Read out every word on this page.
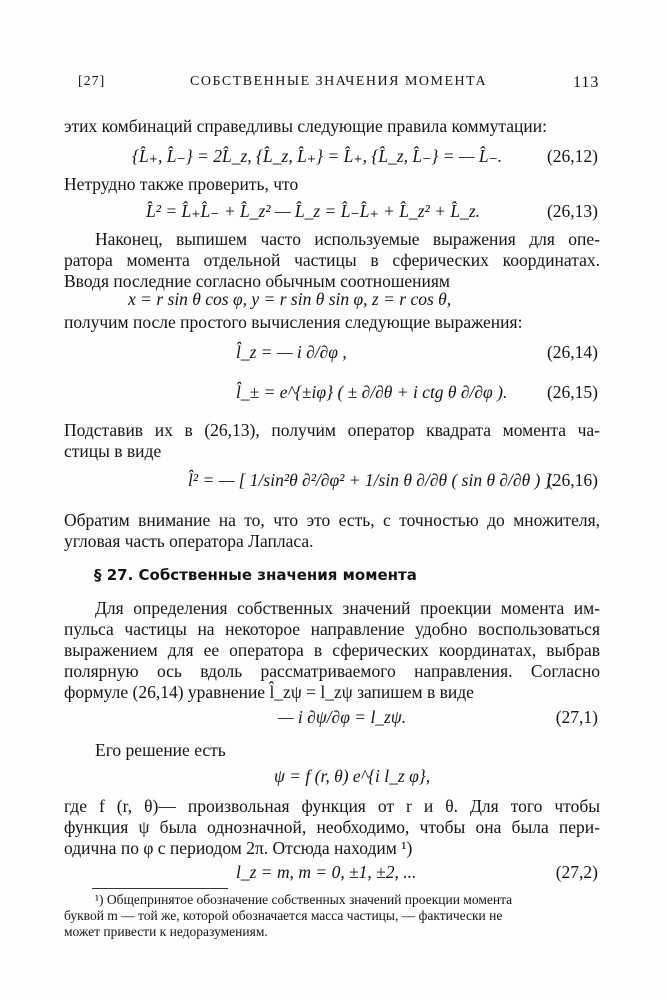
[27]	СОБСТВЕННЫЕ ЗНАЧЕНИЯ МОМЕНТА	113
этих комбинаций справедливы следующие правила коммутации:
{L̂₊, L̂₋} = 2L̂_z, {L̂_z, L̂₊} = L̂₊, {L̂_z, L̂₋} = — L̂₋.	(26,12)
Нетрудно также проверить, что
L̂² = L̂₊L̂₋ + L̂_z² — L̂_z = L̂₋L̂₊ + L̂_z² + L̂_z.	(26,13)
Наконец, выпишем часто используемые выражения для опе-
ратора момента отдельной частицы в сферических координатах.
Вводя последние согласно обычным соотношениям
x = r sin θ cos φ, y = r sin θ sin φ, z = r cos θ,
получим после простого вычисления следующие выражения:
l̂_z = — i ∂/∂φ ,	(26,14)
l̂_± = e^{±iφ} ( ± ∂/∂θ + i ctg θ ∂/∂φ ). (26,15)
Подставив их в (26,13), получим оператор квадрата момента ча-
стицы в виде
l̂² = — [ 1/sin²θ ∂²/∂φ² + 1/sin θ ∂/∂θ ( sin θ ∂/∂θ ) ].
(26,16)
Обратим внимание на то, что это есть, с точностью до множителя,
угловая часть оператора Лапласа.
§ 27. Собственные значения момента
Для определения собственных значений проекции момента им-
пульса частицы на некоторое направление удобно воспользоваться
выражением для ее оператора в сферических координатах, выбрав
полярную ось вдоль рассматриваемого направления. Согласно
формуле (26,14) уравнение l̂_zψ = l_zψ запишем в виде
— i ∂ψ/∂φ = l_zψ.	(27,1)
Его решение есть
ψ = f (r, θ) e^{i l_z φ},
где f (r, θ)— произвольная функция от r и θ. Для того чтобы
функция ψ была однозначной, необходимо, чтобы она была пери-
одична по φ с периодом 2π. Отсюда находим ¹)
l_z = m, m = 0, ±1, ±2, ...	(27,2)
¹) Общепринятое обозначение собственных значений проекции момента
буквой m — той же, которой обозначается масса частицы, — фактически не
может привести к недоразумениям.
